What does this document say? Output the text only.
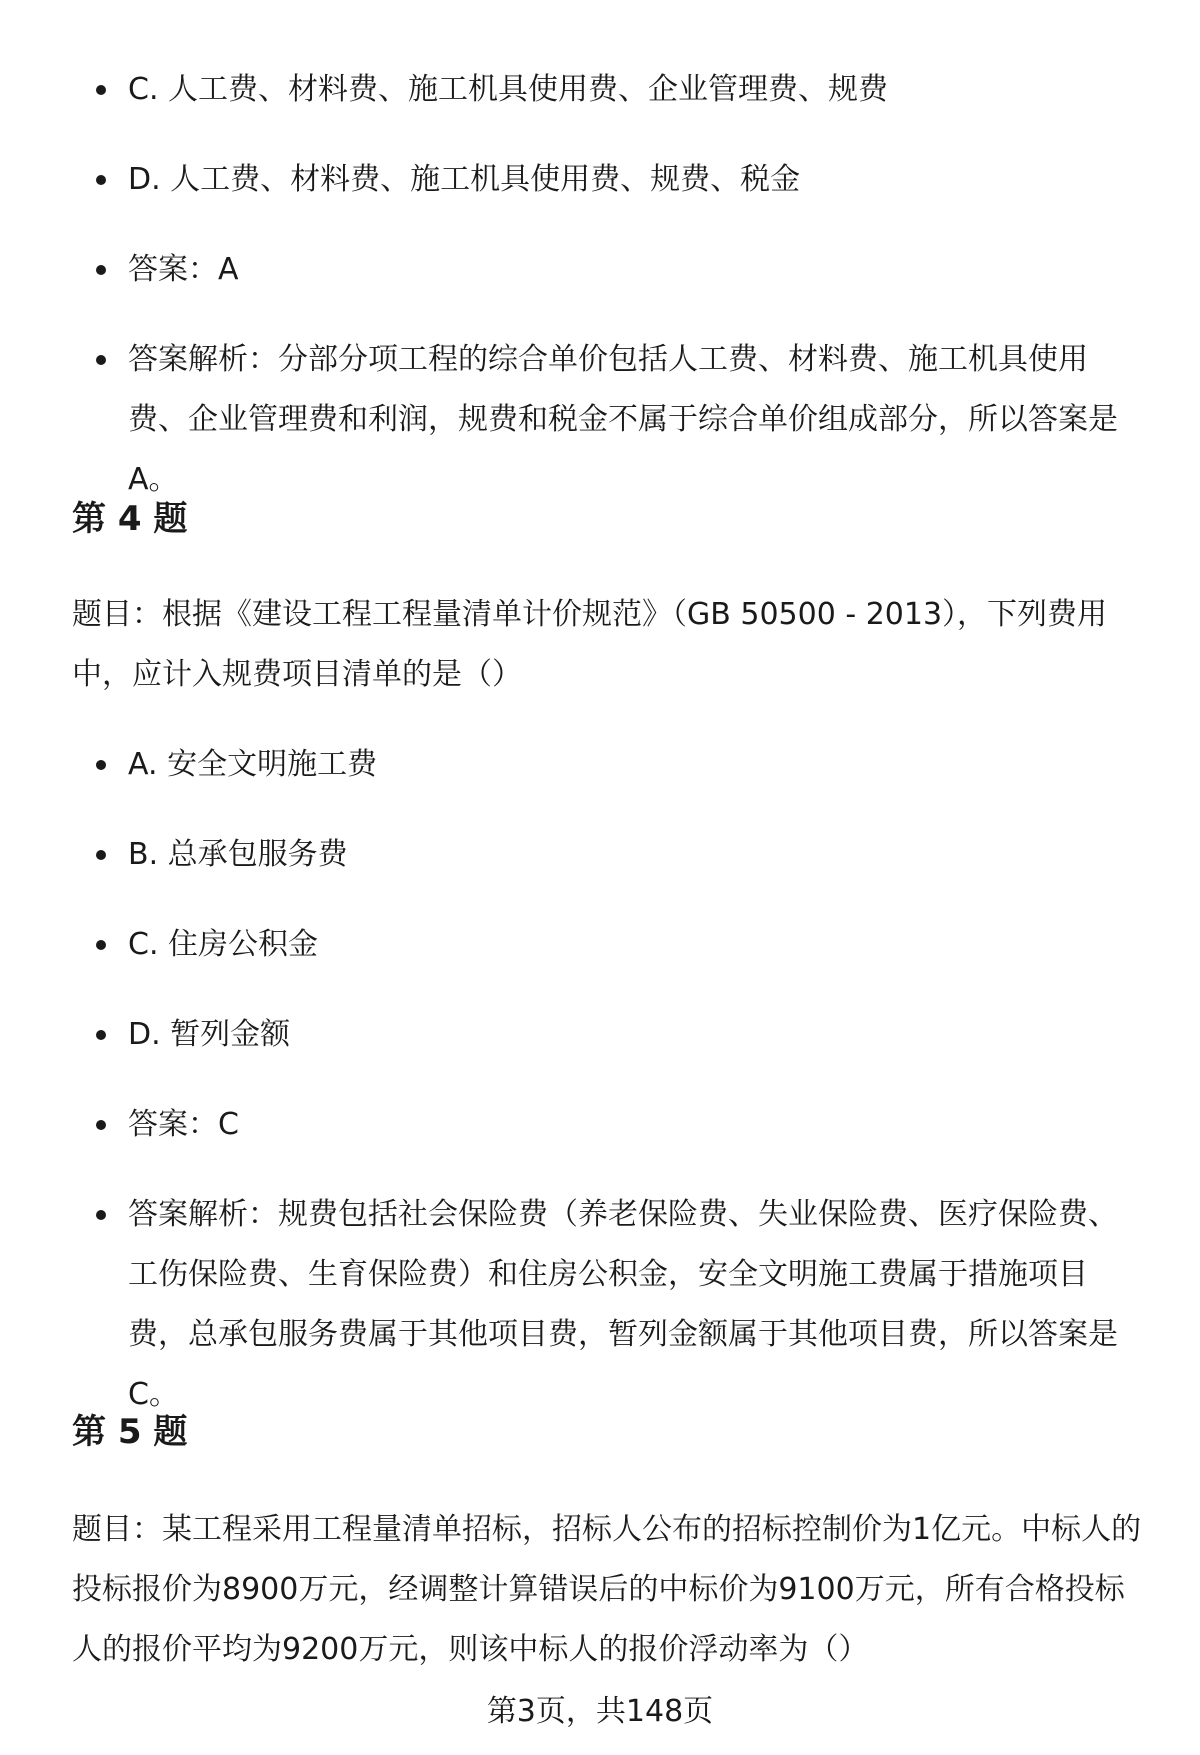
C. 人工费、材料费、施工机具使用费、企业管理费、规费
D. 人工费、材料费、施工机具使用费、规费、税金
答案：A
答案解析：分部分项工程的综合单价包括人工费、材料费、施工机具使用费、企业管理费和利润，规费和税金不属于综合单价组成部分，所以答案是A。
第 4 题
题目：根据《建设工程工程量清单计价规范》（GB 50500 - 2013），下列费用中，应计入规费项目清单的是（）
A. 安全文明施工费
B. 总承包服务费
C. 住房公积金
D. 暂列金额
答案：C
答案解析：规费包括社会保险费（养老保险费、失业保险费、医疗保险费、工伤保险费、生育保险费）和住房公积金，安全文明施工费属于措施项目费，总承包服务费属于其他项目费，暂列金额属于其他项目费，所以答案是C。
第 5 题
题目：某工程采用工程量清单招标，招标人公布的招标控制价为1亿元。中标人的投标报价为8900万元，经调整计算错误后的中标价为9100万元，所有合格投标人的报价平均为9200万元，则该中标人的报价浮动率为（）
第3页，共148页
